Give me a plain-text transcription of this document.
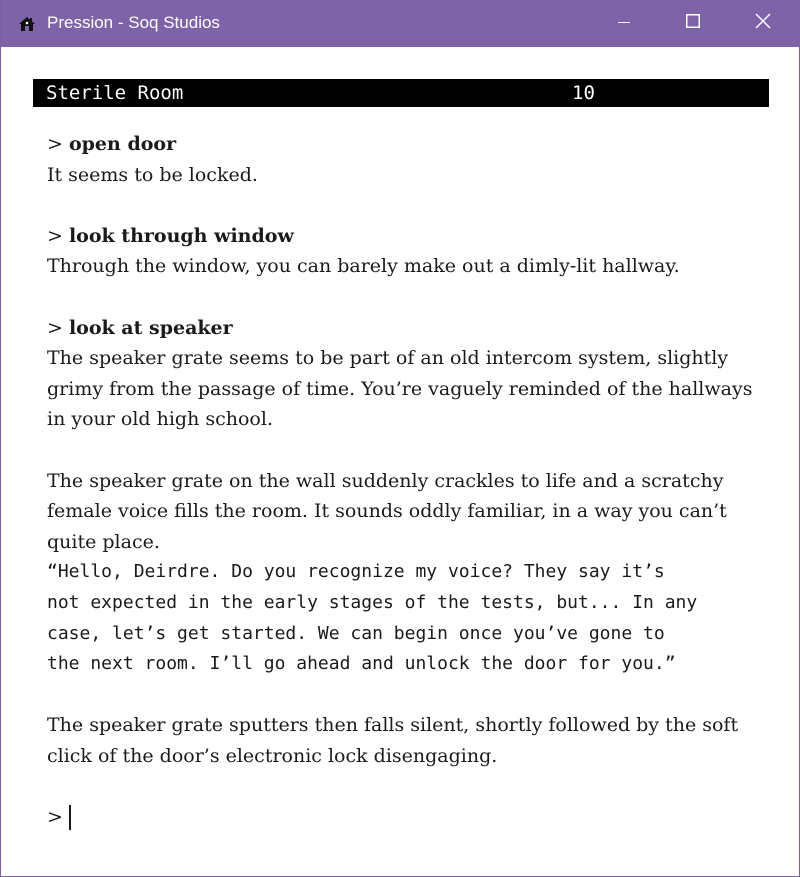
Pression - Soq Studios
Sterile Room	10

> open door

It seems to be locked.

> look through window

Through the window, you can barely make out a dimly-lit hallway.

> look at speaker

The speaker grate seems to be part of an old intercom system, slightly grimy from the passage of time. You’re vaguely reminded of the hallways in your old high school.

The speaker grate on the wall suddenly crackles to life and a scratchy female voice fills the room. It sounds oddly familiar, in a way you can’t quite place.

“Hello, Deirdre. Do you recognize my voice? They say it’s

not expected in the early stages of the tests, but... In any

case, let’s get started. We can begin once you’ve gone to

the next room. I’ll go ahead and unlock the door for you.”

The speaker grate sputters then falls silent, shortly followed by the soft click of the door’s electronic lock disengaging.

>
